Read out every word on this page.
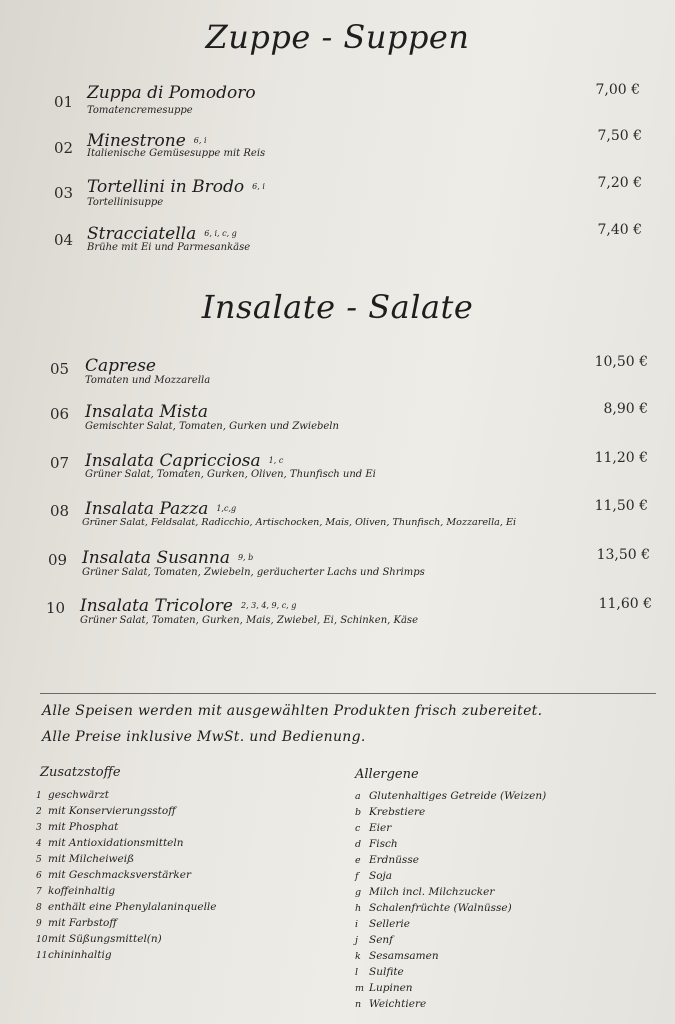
Zuppe - Suppen
01 Zuppa di Pomodoro
Tomatencremesuppe
7,00 €
02 Minestrone 6, i
Italienische Gemüsesuppe mit Reis
7,50 €
03 Tortellini in Brodo 6, i
Tortellinisuppe
7,20 €
04 Stracciatella 6, i, c, g
Brühe mit Ei und Parmesankäse
7,40 €
Insalate - Salate
05 Caprese
Tomaten und Mozzarella
10,50 €
06 Insalata Mista
Gemischter Salat, Tomaten, Gurken und Zwiebeln
8,90 €
07 Insalata Capricciosa 1, c
Grüner Salat, Tomaten, Gurken, Oliven, Thunfisch und Ei
11,20 €
08 Insalata Pazza 1,c,g
Grüner Salat, Feldsalat, Radicchio, Artischocken, Mais, Oliven, Thunfisch, Mozzarella, Ei
11,50 €
09 Insalata Susanna 9, b
Grüner Salat, Tomaten, Zwiebeln, geräucherter Lachs und Shrimps
13,50 €
10 Insalata Tricolore 2, 3, 4, 9, c, g
Grüner Salat, Tomaten, Gurken, Mais, Zwiebel, Ei, Schinken, Käse
11,60 €
Alle Speisen werden mit ausgewählten Produkten frisch zubereitet.
Alle Preise inklusive MwSt. und Bedienung.
Zusatzstoffe
1 geschwärzt
2 mit Konservierungsstoff
3 mit Phosphat
4 mit Antioxidationsmitteln
5 mit Milcheiweiß
6 mit Geschmacksverstärker
7 koffeinhaltig
8 enthält eine Phenylalaninquelle
9 mit Farbstoff
10mit Süßungsmittel(n)
11chininhaltig
Allergene
a Glutenhaltiges Getreide (Weizen)
b Krebstiere
c Eier
d Fisch
e Erdnüsse
f Soja
g Milch incl. Milchzucker
h Schalenfrüchte (Walnüsse)
i Sellerie
j Senf
k Sesamsamen
l Sulfite
m Lupinen
n Weichtiere
